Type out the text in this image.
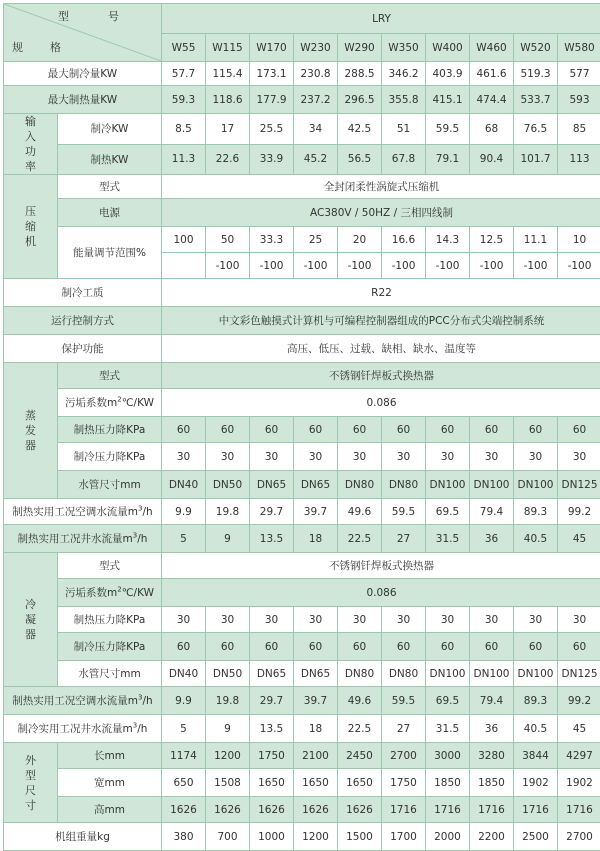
型　号
规　格		LRY									
		W55	W115	W170	W230	W290	W350	W400	W460	W520	W580
最大制冷量KW		57.7	115.4	173.1	230.8	288.5	346.2	403.9	461.6	519.3	577
最大制热量KW		59.3	118.6	177.9	237.2	296.5	355.8	415.1	474.4	533.7	593
输入功率	制冷KW	8.5	17	25.5	34	42.5	51	59.5	68	76.5	85
	制热KW	11.3	22.6	33.9	45.2	56.5	67.8	79.1	90.4	101.7	113
压缩机	型式	全封闭柔性涡旋式压缩机									
	电源	AC380V / 50HZ / 三相四线制									
	能量调节范围%	100	50	33.3	25	20	16.6	14.3	12.5	11.1	10
			-100	-100	-100	-100	-100	-100	-100	-100	-100
制冷工质		R22									
运行控制方式		中文彩色触摸式计算机与可编程控制器组成的PCC分布式尖端控制系统									
保护功能		高压、低压、过载、缺相、缺水、温度等									
蒸发器	型式	不锈钢钎焊板式换热器									
	污垢系数$m^2℃/KW$	0.086									
	制热压力降KPa	60	60	60	60	60	60	60	60	60	60
	制冷压力降KPa	30	30	30	30	30	30	30	30	30	30
	水管尺寸mm	DN40	DN50	DN65	DN65	DN80	DN80	DN100	DN100	DN100	DN125
制热实用工况空调水流量$m^3/h$		9.9	19.8	29.7	39.7	49.6	59.5	69.5	79.4	89.3	99.2
制热实用工况井水流量$m^3/h$		5	9	13.5	18	22.5	27	31.5	36	40.5	45
冷凝器	型式	不锈钢钎焊板式换热器									
	污垢系数$m^2℃/KW$	0.086									
	制热压力降KPa	30	30	30	30	30	30	30	30	30	30
	制冷压力降KPa	60	60	60	60	60	60	60	60	60	60
	水管尺寸mm	DN40	DN50	DN65	DN65	DN80	DN80	DN100	DN100	DN100	DN125
制热实用工况空调水流量$m^3/h$		9.9	19.8	29.7	39.7	49.6	59.5	69.5	79.4	89.3	99.2
制冷实用工况井水流量$m^3/h$		5	9	13.5	18	22.5	27	31.5	36	40.5	45
外型尺寸	长mm	1174	1200	1750	2100	2450	2700	3000	3280	3844	4297
	宽mm	650	1508	1650	1650	1650	1750	1850	1850	1902	1902
	高mm	1626	1626	1626	1626	1626	1716	1716	1716	1716	1716
机组重量kg		380	700	1000	1200	1500	1700	2000	2200	2500	2700
